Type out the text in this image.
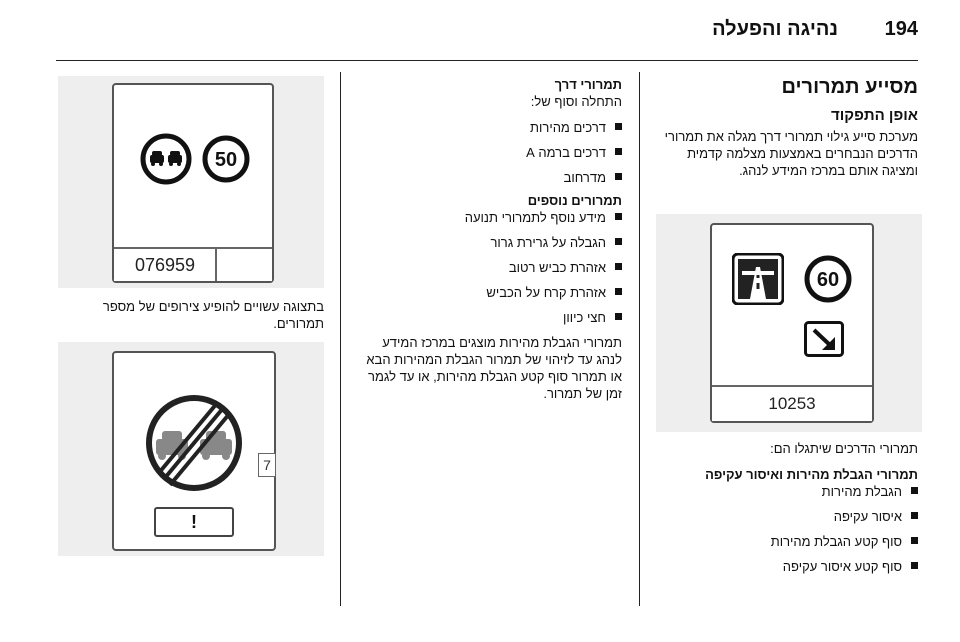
נהיגה והפעלה 194
מסייע תמרורים
אופן התפקוד

מערכת סייע גילוי תמרורי דרך מגלה את תמרורי הדרכים הנבחרים באמצעות מצלמה קדמית ומציגה אותם במרכז המידע לנהג.

60
10253

תמרורי הדרכים שיתגלו הם:

תמרורי הגבלת מהירות ואיסור עקיפה

הגבלת מהירות
איסור עקיפה
סוף קטע הגבלת מהירות
סוף קטע איסור עקיפה

תמרורי דרך

התחלה וסוף של:

דרכים מהירות
דרכים ברמה A
מדרחוב

תמרורים נוספים

מידע נוסף לתמרורי תנועה
הגבלה על גרירת גרור
אזהרת כביש רטוב
אזהרת קרח על הכביש
חצי כיוון

תמרורי הגבלת מהירות מוצגים במרכז המידע לנהג עד לזיהוי של תמרור הגבלת המהירות הבא או תמרור סוף קטע הגבלת מהירות, או עד לגמר זמן של תמרור.

50
076959

בתצוגה עשויים להופיע צירופים של מספר תמרורים.

7
!
